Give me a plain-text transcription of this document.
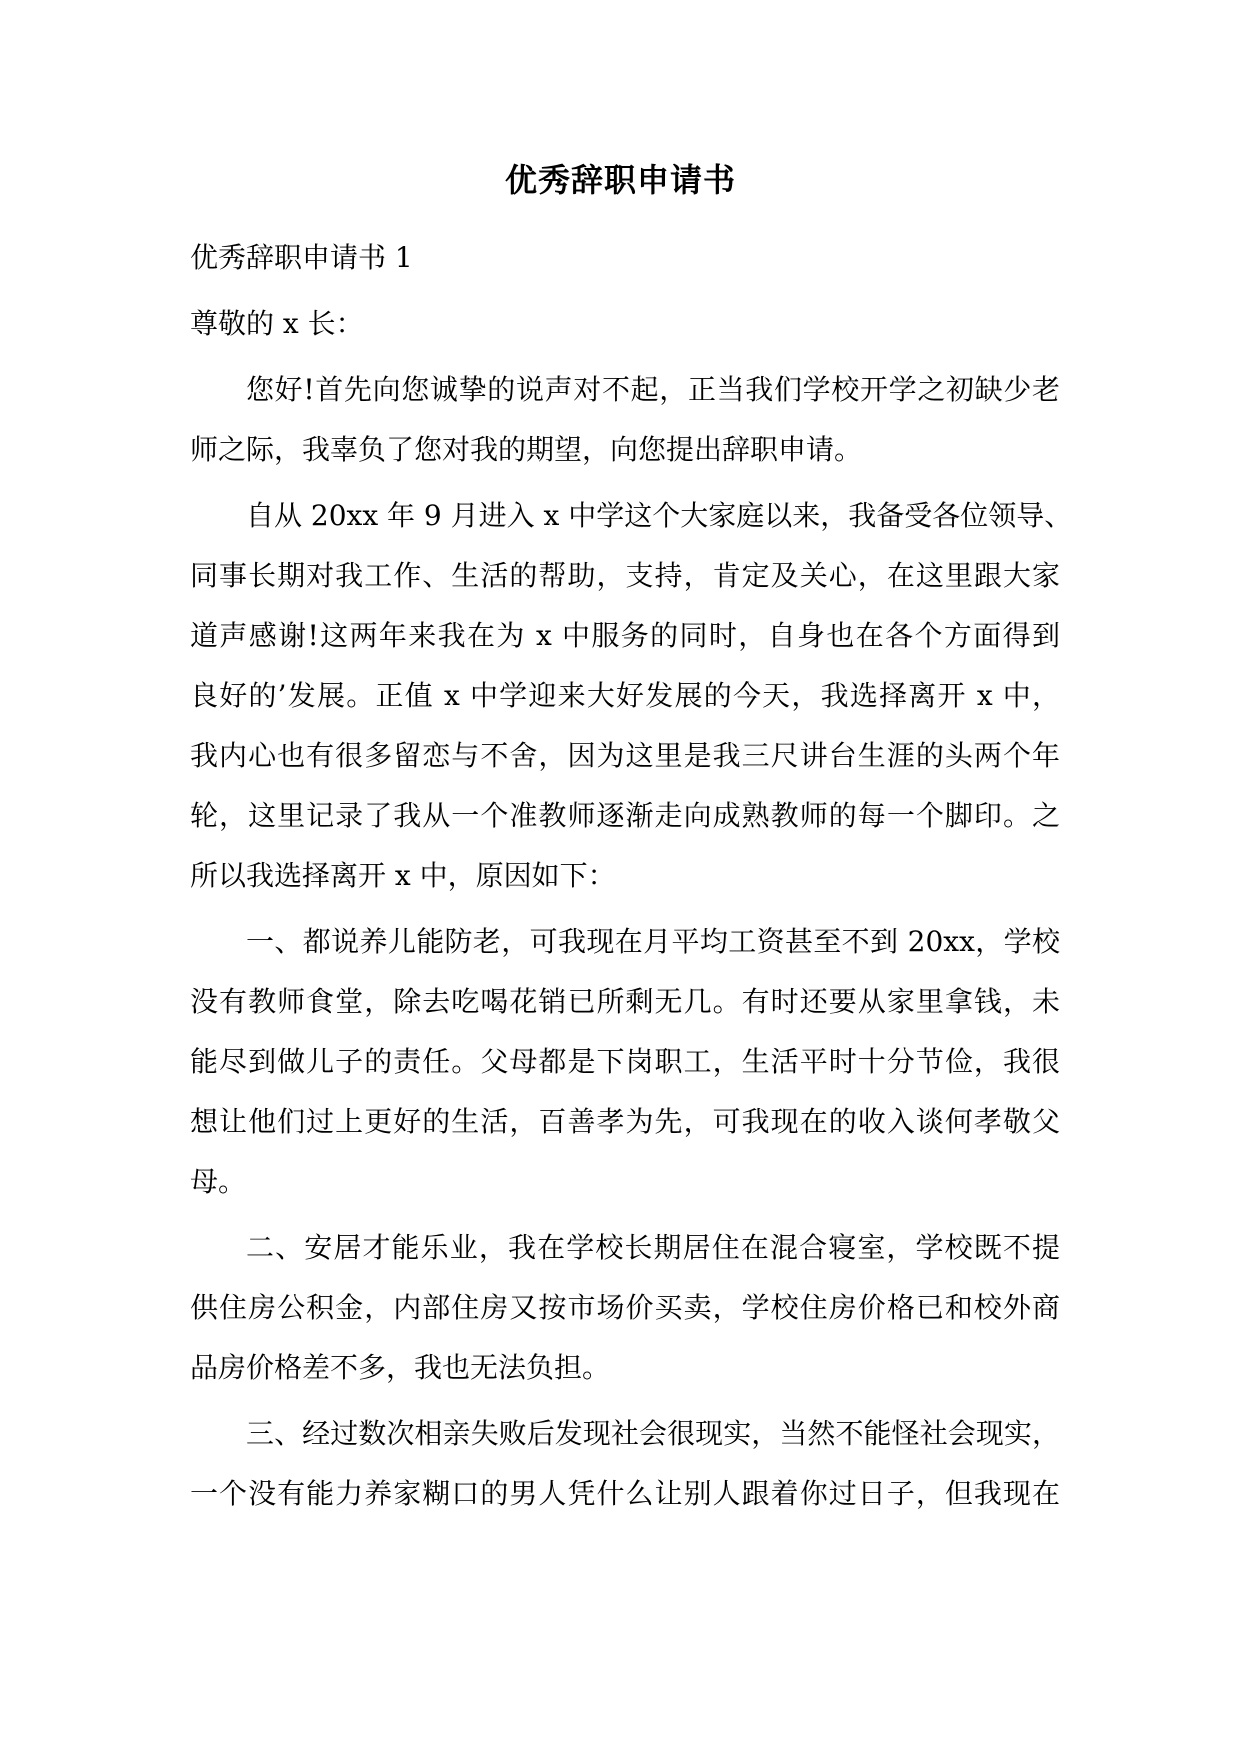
优秀辞职申请书
优秀辞职申请书 1
尊敬的 x 长：
您好!首先向您诚挚的说声对不起，正当我们学校开学之初缺少老
师之际，我辜负了您对我的期望，向您提出辞职申请。
自从 20xx 年 9 月进入 x 中学这个大家庭以来，我备受各位领导、
同事长期对我工作、生活的帮助，支持，肯定及关心，在这里跟大家
道声感谢!这两年来我在为 x 中服务的同时，自身也在各个方面得到
良好的’发展。正值 x 中学迎来大好发展的今天，我选择离开 x 中，
我内心也有很多留恋与不舍，因为这里是我三尺讲台生涯的头两个年
轮，这里记录了我从一个准教师逐渐走向成熟教师的每一个脚印。之
所以我选择离开 x 中，原因如下：
一、都说养儿能防老，可我现在月平均工资甚至不到 20xx，学校
没有教师食堂，除去吃喝花销已所剩无几。有时还要从家里拿钱，未
能尽到做儿子的责任。父母都是下岗职工，生活平时十分节俭，我很
想让他们过上更好的生活，百善孝为先，可我现在的收入谈何孝敬父
母。
二、安居才能乐业，我在学校长期居住在混合寝室，学校既不提
供住房公积金，内部住房又按市场价买卖，学校住房价格已和校外商
品房价格差不多，我也无法负担。
三、经过数次相亲失败后发现社会很现实，当然不能怪社会现实，
一个没有能力养家糊口的男人凭什么让别人跟着你过日子，但我现在
